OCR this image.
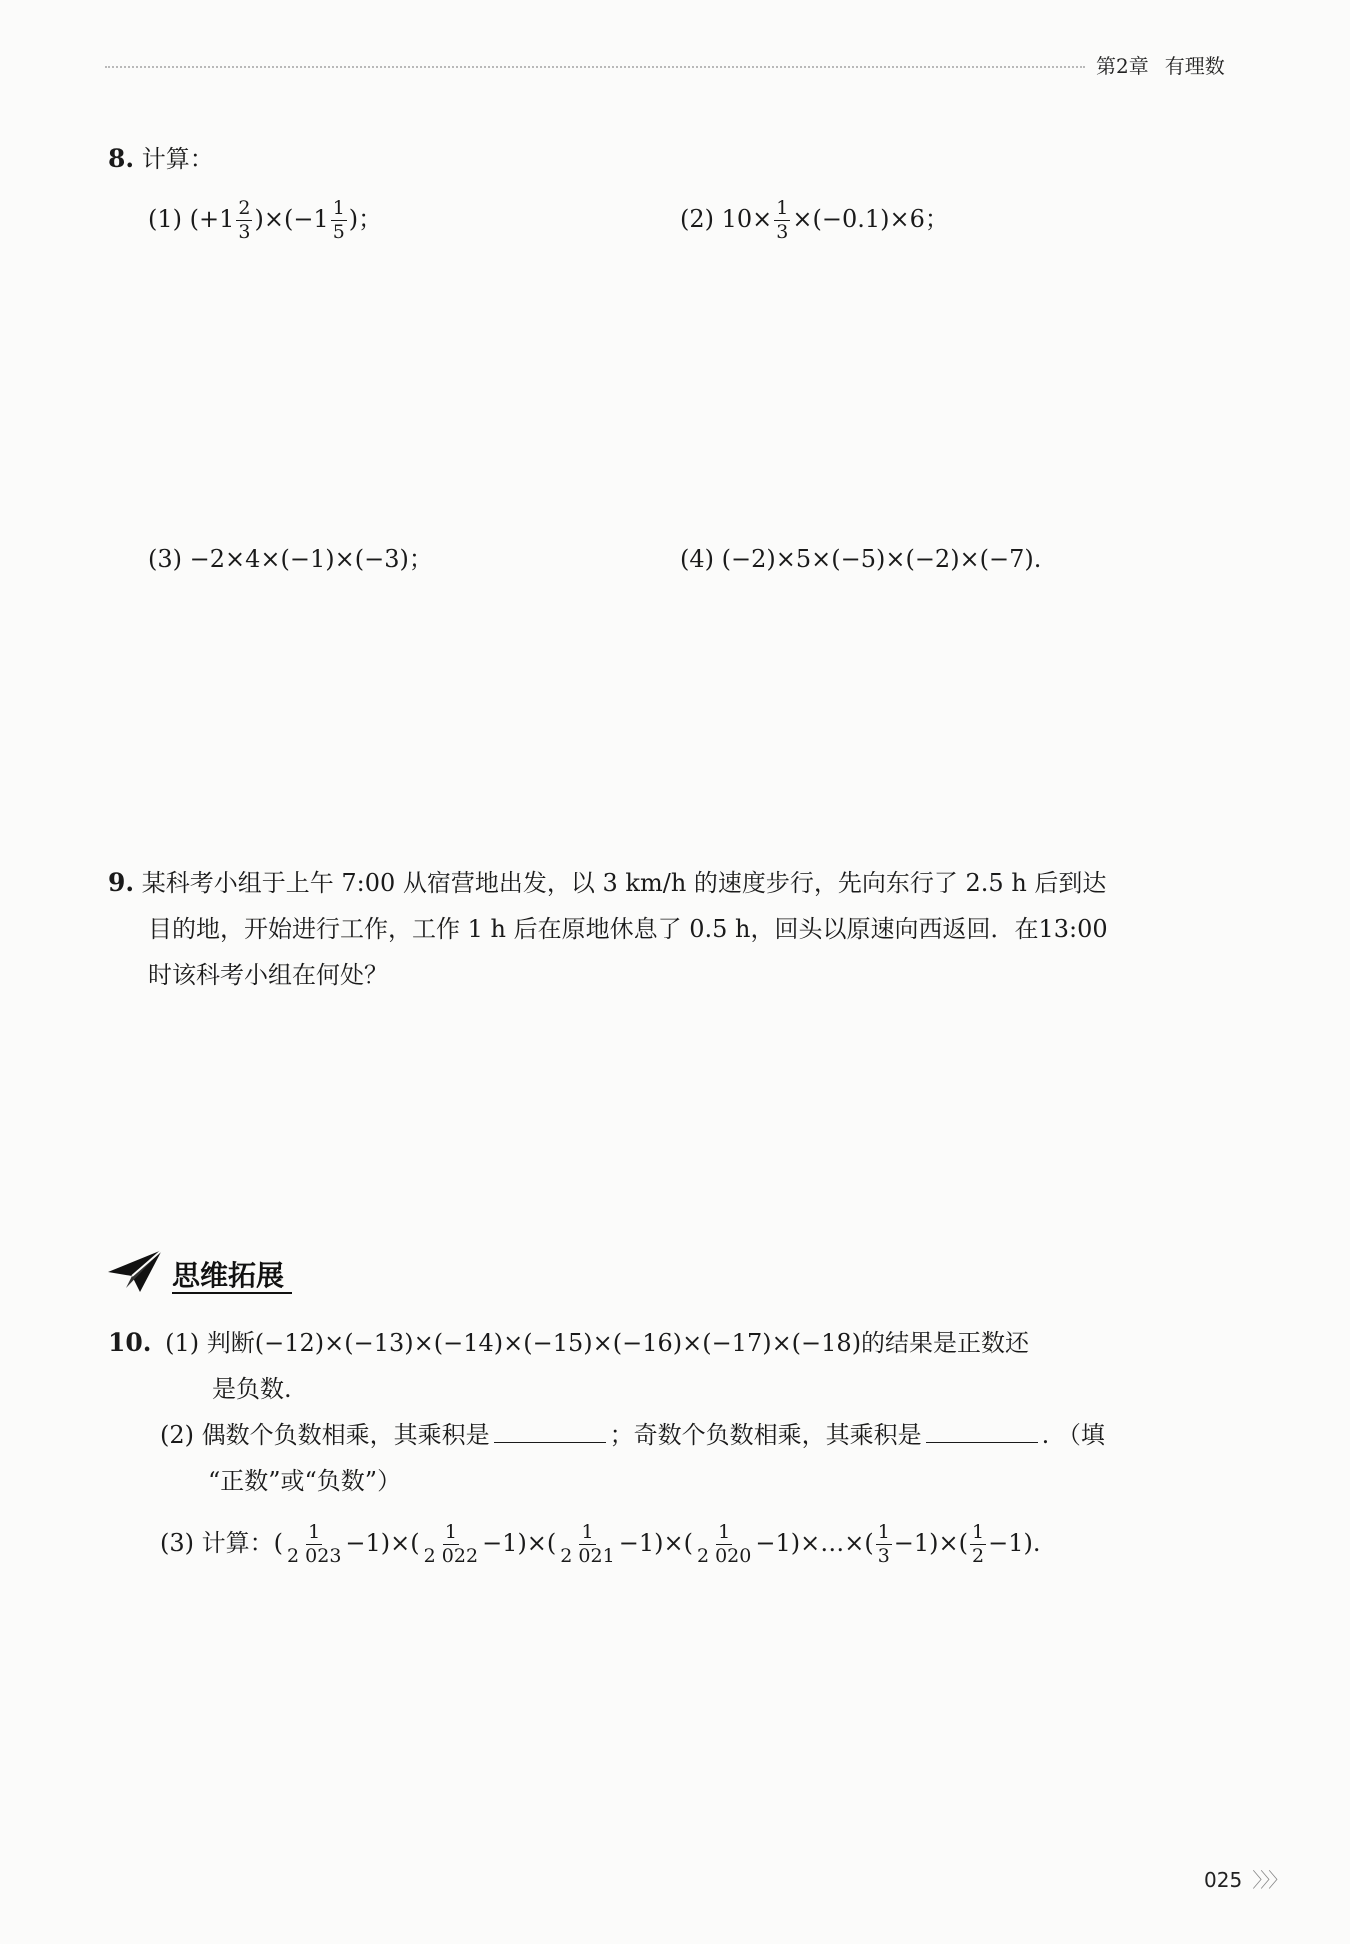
第2章 有理数
8. 计算：
(1) $(+1 \frac{2}{3} )\times(-1 \frac{1}{5}$ )；	(2) $10\times \frac{1}{3} \times(-0.1)\times 6$；
(3) −2×4×(−1)×(−3)；	(4) (−2)×5×(−5)×(−2)×(−7).
9. 某科考小组于上午 7:00 从宿营地出发，以 3 km/h 的速度步行，先向东行了 2.5 h 后到达
目的地，开始进行工作，工作 1 h 后在原地休息了 0.5 h，回头以原速向西返回．在13:00
时该科考小组在何处？
思维拓展
10. (1) 判断(−12)×(−13)×(−14)×(−15)×(−16)×(−17)×(−18)的结果是正数还
是负数.
(2) 偶数个负数相乘，其乘积是	；奇数个负数相乘，其乘积是	. （填
“正数”或“负数”）
(3) 计算：( $\frac{1}{2 023} -1)\times( \frac{1}{2 022} -1)\times( \frac{1}{2 021} -1)\times( \frac{1}{2 020}$ −1)×…×( $\frac{1}{3} -1)\times( \frac{1}{2} -1)$.
025 〉〉〉
